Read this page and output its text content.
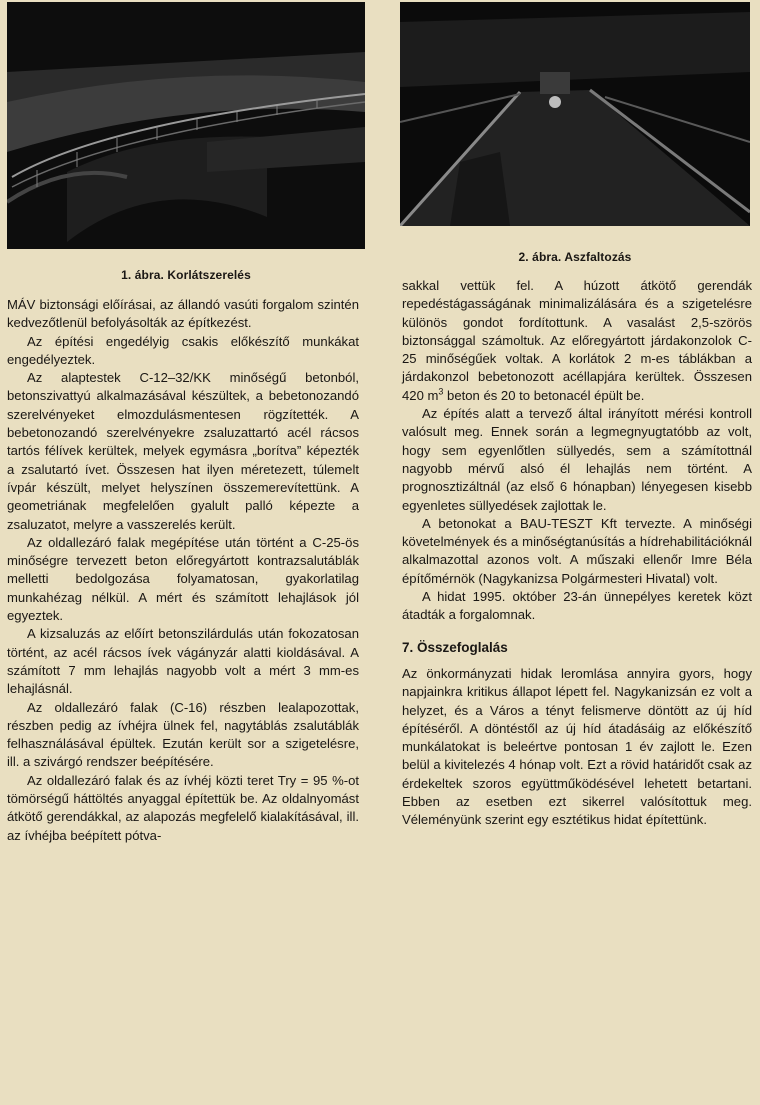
1. ábra. Korlátszerelés
2. ábra. Aszfaltozás

MÁV biztonsági előírásai, az állandó vasúti forgalom szintén kedvezőtlenül befolyásolták az építkezést.

Az építési engedélyig csakis előkészítő munkákat engedélyeztek.

Az alaptestek C-12–32/KK minőségű betonból, betonszivattyú alkalmazásával készültek, a bebetonozandó szerelvényeket elmozdulásmentesen rögzítették. A bebetonozandó szerelvényekre zsaluzattartó acél rácsos tartós félívek kerültek, melyek egymásra „borítva” képezték a zsalutartó ívet. Összesen hat ilyen méretezett, túlemelt ívpár készült, melyet helyszínen összemerevítettünk. A geometriának megfelelően gyalult palló képezte a zsaluzatot, melyre a vasszerelés került.

Az oldallezáró falak megépítése után történt a C-25-ös minőségre tervezett beton előregyártott kontrazsalutáblák melletti bedolgozása folyamatosan, gyakorlatilag munkahézag nélkül. A mért és számított lehajlások jól egyeztek.

A kizsaluzás az előírt betonszilárdulás után fokozatosan történt, az acél rácsos ívek vágányzár alatti kioldásával. A számított 7 mm lehajlás nagyobb volt a mért 3 mm-es lehajlásnál.

Az oldallezáró falak (C-16) részben lealapozottak, részben pedig az ívhéjra ülnek fel, nagytáblás zsalutáblák felhasználásával épültek. Ezután került sor a szigetelésre, ill. a szivárgó rendszer beépítésére.

Az oldallezáró falak és az ívhéj közti teret Try = 95 %-ot tömörségű háttöltés anyaggal építettük be. Az oldalnyomást átkötő gerendákkal, az alapozás megfelelő kialakításával, ill. az ívhéjba beépített pótva-

sakkal vettük fel. A húzott átkötő gerendák repedéstágasságának minimalizálására és a szigetelésre különös gondot fordítottunk. A vasalást 2,5-szörös biztonsággal számoltuk. Az előregyártott járdakonzolok C-25 minőségűek voltak. A korlátok 2 m-es táblákban a járdakonzol bebetonozott acéllapjára kerültek. Összesen 420 $m^3$ beton és 20 to betonacél épült be.

Az építés alatt a tervező által irányított mérési kontroll valósult meg. Ennek során a legmegnyugtatóbb az volt, hogy sem egyenlőtlen süllyedés, sem a számítottnál nagyobb mérvű alsó él lehajlás nem történt. A prognosztizáltnál (az első 6 hónapban) lényegesen kisebb egyenletes süllyedések zajlottak le.

A betonokat a BAU-TESZT Kft tervezte. A minőségi követelmények és a minőségtanúsítás a hídrehabilitációknál alkalmazottal azonos volt. A műszaki ellenőr Imre Béla építőmérnök (Nagykanizsa Polgármesteri Hivatal) volt.

A hidat 1995. október 23-án ünnepélyes keretek közt átadták a forgalomnak.

7. Összefoglalás

Az önkormányzati hidak leromlása annyira gyors, hogy napjainkra kritikus állapot lépett fel. Nagykanizsán ez volt a helyzet, és a Város a tényt felismerve döntött az új híd építéséről. A döntéstől az új híd átadásáig az előkészítő munkálatokat is beleértve pontosan 1 év zajlott le. Ezen belül a kivitelezés 4 hónap volt. Ezt a rövid határidőt csak az érdekeltek szoros együttműködésével lehetett betartani. Ebben az esetben ezt sikerrel valósítottuk meg. Véleményünk szerint egy esztétikus hidat építettünk.
